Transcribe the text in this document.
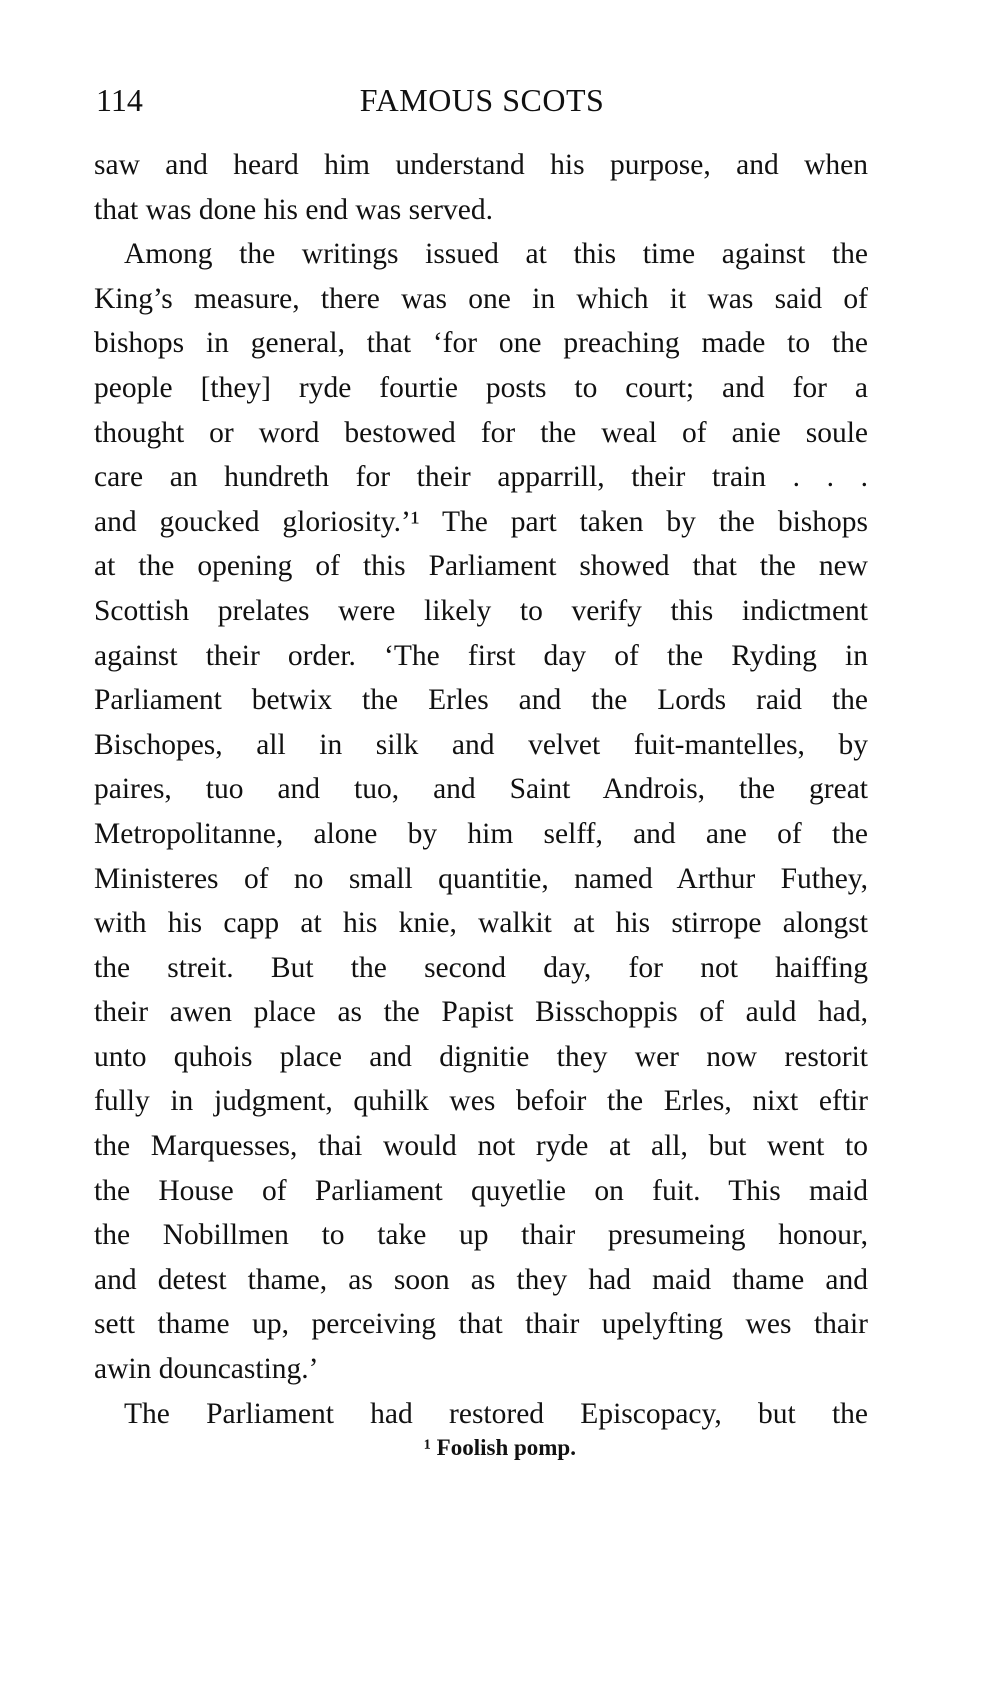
114	FAMOUS SCOTS
saw and heard him understand his purpose, and when
that was done his end was served.
Among the writings issued at this time against the
King’s measure, there was one in which it was said of
bishops in general, that ‘for one preaching made to the
people [they] ryde fourtie posts to court; and for a
thought or word bestowed for the weal of anie soule
care an hundreth for their apparrill, their train . . .
and goucked gloriosity.’¹ The part taken by the bishops
at the opening of this Parliament showed that the new
Scottish prelates were likely to verify this indictment
against their order. ‘The first day of the Ryding in
Parliament betwix the Erles and the Lords raid the
Bischopes, all in silk and velvet fuit-mantelles, by
paires, tuo and tuo, and Saint Androis, the great
Metropolitanne, alone by him selff, and ane of the
Ministeres of no small quantitie, named Arthur Futhey,
with his capp at his knie, walkit at his stirrope alongst
the streit. But the second day, for not haiffing
their awen place as the Papist Bisschoppis of auld had,
unto quhois place and dignitie they wer now restorit
fully in judgment, quhilk wes befoir the Erles, nixt eftir
the Marquesses, thai would not ryde at all, but went to
the House of Parliament quyetlie on fuit. This maid
the Nobillmen to take up thair presumeing honour,
and detest thame, as soon as they had maid thame and
sett thame up, perceiving that thair upelyfting wes thair
awin douncasting.’
The Parliament had restored Episcopacy, but the
¹ Foolish pomp.
